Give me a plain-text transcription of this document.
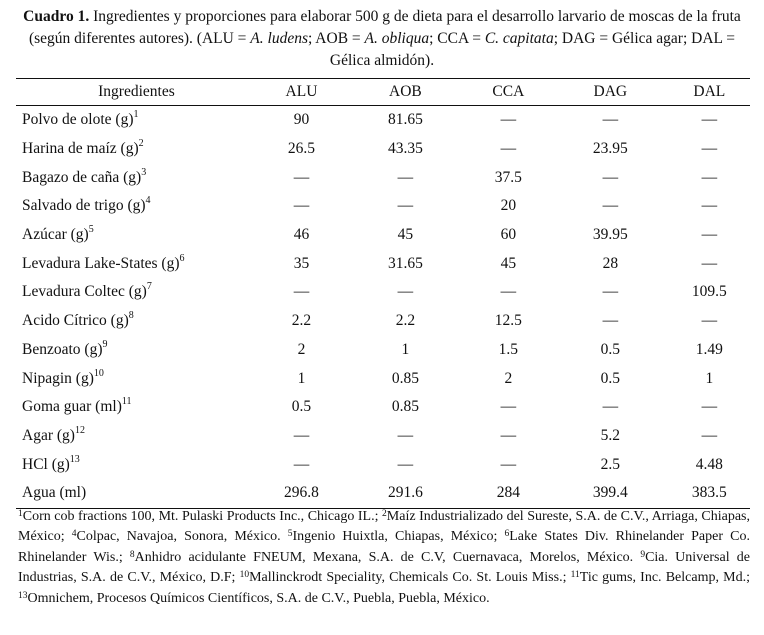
Cuadro 1. Ingredientes y proporciones para elaborar 500 g de dieta para el desarrollo larvario de moscas de la fruta (según diferentes autores). (ALU = A. ludens; AOB = A. obliqua; CCA = C. capitata; DAG = Gélica agar; DAL = Gélica almidón).
Ingredientes	ALU	AOB	CCA	DAG	DAL
Polvo de olote $(g)^1$	90	81.65	—	—	—
Harina de maíz $(g)^2$	26.5	43.35	—	23.95	—
Bagazo de caña $(g)^3$	—	—	37.5	—	—
Salvado de trigo $(g)^4$	—	—	20	—	—
Azúcar $(g)^5$	46	45	60	39.95	—
Levadura Lake-States $(g)^6$	35	31.65	45	28	—
Levadura Coltec $(g)^7$	—	—	—	—	109.5
Acido Cítrico $(g)^8$	2.2	2.2	12.5	—	—
Benzoato $(g)^9$	2	1	1.5	0.5	1.49
Nipagin $(g)^{10}$	1	0.85	2	0.5	1
Goma guar (ml)$^{11}$	0.5	0.85	—	—	—
Agar $(g)^{12}$	—	—	—	5.2	—
HCl $(g)^{13}$	—	—	—	2.5	4.48
Agua (ml)	296.8	291.6	284	399.4	383.5
$^1$Corn cob fractions 100, Mt. Pulaski Products Inc., Chicago IL.; $^2$Maíz Industrializado del Sureste, S.A. de C.V., Arriaga, Chiapas, México; $^4$Colpac, Navajoa, Sonora, México. $^5$Ingenio Huixtla, Chiapas, México; $^6$Lake States Div. Rhinelander Paper Co. Rhinelander Wis.; $^8$Anhidro acidulante FNEUM, Mexana, S.A. de C.V, Cuernavaca, Morelos, México. $^9$Cia. Universal de Industrias, S.A. de C.V., México, D.F; $^{10}$Mallinckrodt Speciality, Chemicals Co. St. Louis Miss.; $^{11}$Tic gums, Inc. Belcamp, Md.; $^{13}$Omnichem, Procesos Químicos Científicos, S.A. de C.V., Puebla, Puebla, México.
